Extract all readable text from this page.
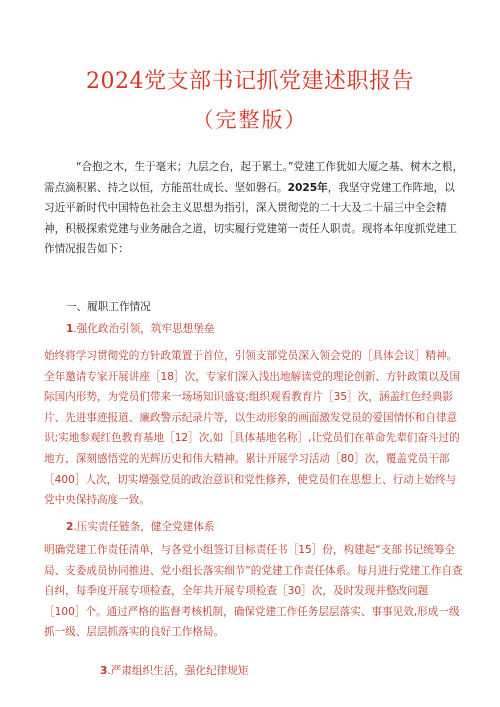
2024党支部书记抓党建述职报告
（完整版）
“合抱之木，生于毫末；九层之台，起于累土。”党建工作犹如大厦之基、树木之根，需点滴积累、持之以恒，方能茁壮成长、坚如磐石。2025年，我坚守党建工作阵地，以习近平新时代中国特色社会主义思想为指引，深入贯彻党的二十大及二十届三中全会精神，积极探索党建与业务融合之道，切实履行党建第一责任人职责。现将本年度抓党建工作情况报告如下：
一、履职工作情况
1.强化政治引领，筑牢思想堡垒
始终将学习贯彻党的方针政策置于首位，引领支部党员深入领会党的［具体会议］精神。全年邀请专家开展讲座［18］次，专家们深入浅出地解读党的理论创新、方针政策以及国际国内形势，为党员们带来一场场知识盛宴;组织观看教育片［35］次，涵盖红色经典影片、先进事迹报道、廉政警示纪录片等，以生动形象的画面激发党员的爱国情怀和自律意识;实地参观红色教育基地［12］次,如［具体基地名称］,让党员们在革命先辈们奋斗过的地方，深刻感悟党的光辉历史和伟大精神。累计开展学习活动［80］次，覆盖党员干部［400］人次，切实增强党员的政治意识和党性修养，使党员们在思想上、行动上始终与党中央保持高度一致。
2.压实责任链条，健全党建体系
明确党建工作责任清单，与各党小组签订目标责任书［15］份，构建起“支部书记统筹全局、支委成员协同推进、党小组长落实细节”的党建工作责任体系。每月进行党建工作自查自纠，每季度开展专项检查，全年共开展专项检查［30］次，及时发现并整改问题［100］个。通过严格的监督考核机制，确保党建工作任务层层落实、事事见效,形成一级抓一级、层层抓落实的良好工作格局。
3.严肃组织生活，强化纪律规矩
